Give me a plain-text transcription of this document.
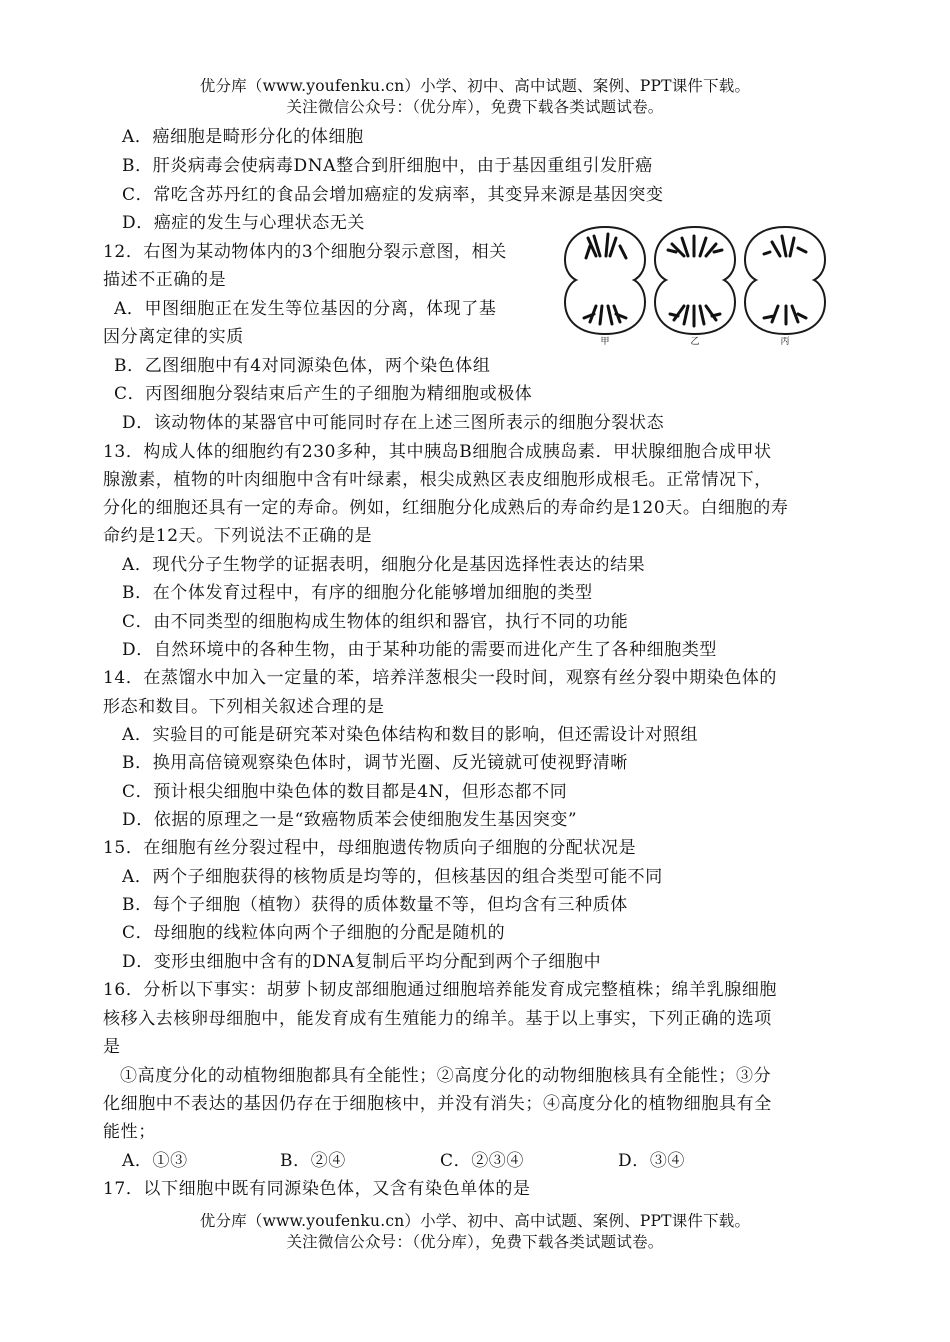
优分库（www.youfenku.cn）小学、初中、高中试题、案例、PPT课件下载。
关注微信公众号：（优分库），免费下载各类试题试卷。
A．癌细胞是畸形分化的体细胞
B．肝炎病毒会使病毒DNA整合到肝细胞中，由于基因重组引发肝癌
C．常吃含苏丹红的食品会增加癌症的发病率，其变异来源是基因突变
D．癌症的发生与心理状态无关
12．右图为某动物体内的3个细胞分裂示意图，相关
描述不正确的是
A．甲图细胞正在发生等位基因的分离，体现了基
因分离定律的实质
B．乙图细胞中有4对同源染色体，两个染色体组
C．丙图细胞分裂结束后产生的子细胞为精细胞或极体
D．该动物体的某器官中可能同时存在上述三图所表示的细胞分裂状态
甲	乙	丙
13．构成人体的细胞约有230多种，其中胰岛B细胞合成胰岛素．甲状腺细胞合成甲状
腺激素，植物的叶肉细胞中含有叶绿素，根尖成熟区表皮细胞形成根毛。正常情况下，
分化的细胞还具有一定的寿命。例如，红细胞分化成熟后的寿命约是120天。白细胞的寿
命约是12天。下列说法不正确的是
A．现代分子生物学的证据表明，细胞分化是基因选择性表达的结果
B．在个体发育过程中，有序的细胞分化能够增加细胞的类型
C．由不同类型的细胞构成生物体的组织和器官，执行不同的功能
D．自然环境中的各种生物，由于某种功能的需要而进化产生了各种细胞类型
14．在蒸馏水中加入一定量的苯，培养洋葱根尖一段时间，观察有丝分裂中期染色体的
形态和数目。下列相关叙述合理的是
A．实验目的可能是研究苯对染色体结构和数目的影响，但还需设计对照组
B．换用高倍镜观察染色体时，调节光圈、反光镜就可使视野清晰
C．预计根尖细胞中染色体的数目都是4N，但形态都不同
D．依据的原理之一是“致癌物质苯会使细胞发生基因突变”
15．在细胞有丝分裂过程中，母细胞遗传物质向子细胞的分配状况是
A．两个子细胞获得的核物质是均等的，但核基因的组合类型可能不同
B．每个子细胞（植物）获得的质体数量不等，但均含有三种质体
C．母细胞的线粒体向两个子细胞的分配是随机的
D．变形虫细胞中含有的DNA复制后平均分配到两个子细胞中
16．分析以下事实：胡萝卜韧皮部细胞通过细胞培养能发育成完整植株；绵羊乳腺细胞
核移入去核卵母细胞中，能发育成有生殖能力的绵羊。基于以上事实，下列正确的选项
是
①高度分化的动植物细胞都具有全能性；②高度分化的动物细胞核具有全能性；③分
化细胞中不表达的基因仍存在于细胞核中，并没有消失；④高度分化的植物细胞具有全
能性；
A．①③	B．②④	C．②③④	D．③④
17．以下细胞中既有同源染色体，又含有染色单体的是
优分库（www.youfenku.cn）小学、初中、高中试题、案例、PPT课件下载。
关注微信公众号：（优分库），免费下载各类试题试卷。
